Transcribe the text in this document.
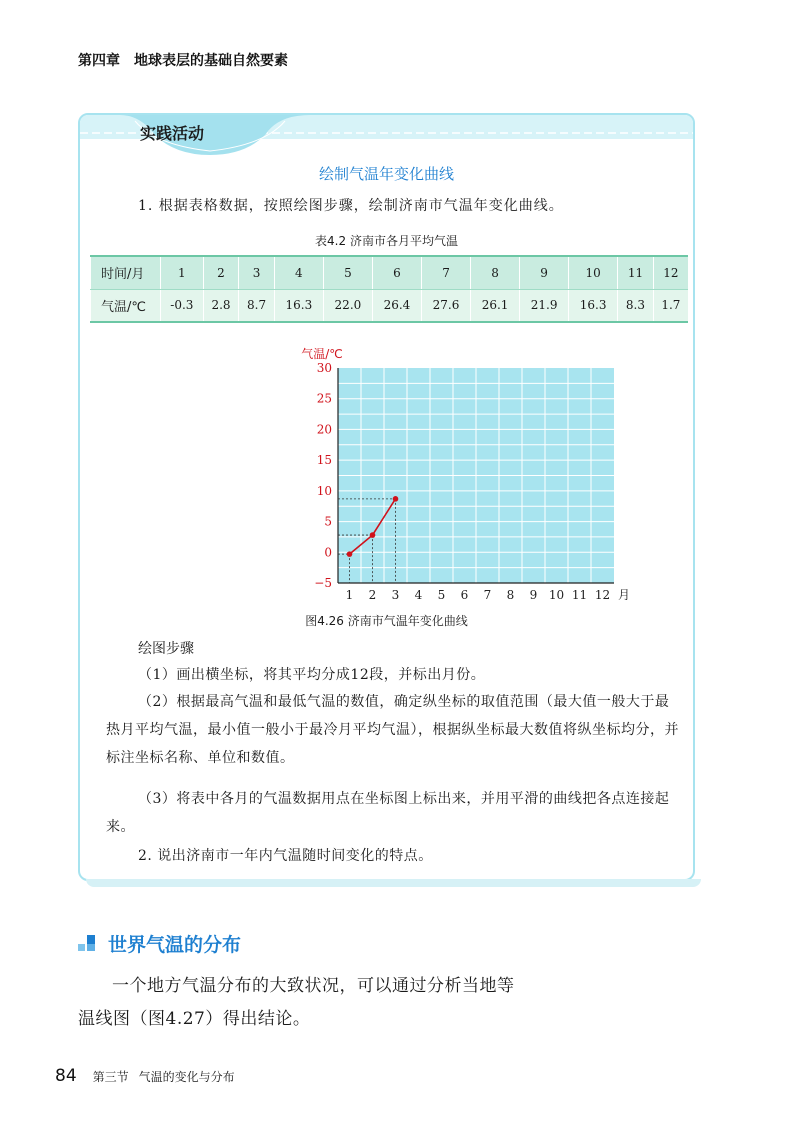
第四章 地球表层的基础自然要素
实践活动
绘制气温年变化曲线
1. 根据表格数据，按照绘图步骤，绘制济南市气温年变化曲线。
表4.2 济南市各月平均气温
时间/月	1	2	3	4	5	6	7	8	9	10	11	12
气温/℃	-0.3	2.8	8.7	16.3	22.0	26.4	27.6	26.1	21.9	16.3	8.3	1.7
气温/℃
30
25
20
15
10
5
0
−5
1 2 3 4 5 6 7 8 9 10 11 12 月
图4.26 济南市气温年变化曲线
绘图步骤
（1）画出横坐标，将其平均分成12段，并标出月份。
（2）根据最高气温和最低气温的数值，确定纵坐标的取值范围（最大值一般大于最热月平均气温，最小值一般小于最冷月平均气温），根据纵坐标最大数值将纵坐标均分，并标注坐标名称、单位和数值。
（3）将表中各月的气温数据用点在坐标图上标出来，并用平滑的曲线把各点连接起来。
2. 说出济南市一年内气温随时间变化的特点。
世界气温的分布
一个地方气温分布的大致状况，可以通过分析当地等温线图（图4.27）得出结论。
84 第三节 气温的变化与分布
